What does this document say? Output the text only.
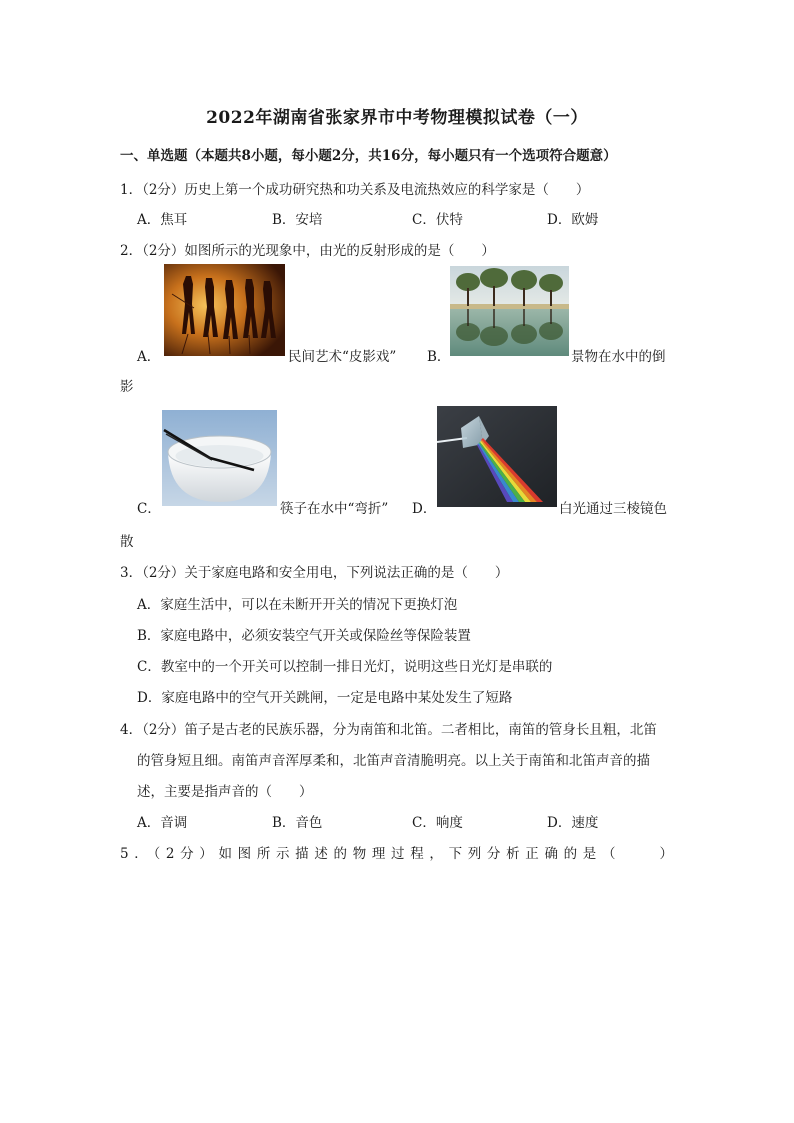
2022年湖南省张家界市中考物理模拟试卷（一）
一、单选题（本题共8小题，每小题2分，共16分，每小题只有一个选项符合题意）
1．（2分）历史上第一个成功研究热和功关系及电流热效应的科学家是（　　）
A．焦耳	B．安培	C．伏特	D．欧姆
2．（2分）如图所示的光现象中，由光的反射形成的是（　　）
A．	民间艺术“皮影戏” B．	景物在水中的倒
影
C．	筷子在水中“弯折” D．	白光通过三棱镜色
散
3．（2分）关于家庭电路和安全用电，下列说法正确的是（　　）
A．家庭生活中，可以在未断开开关的情况下更换灯泡
B．家庭电路中，必须安装空气开关或保险丝等保险装置
C．教室中的一个开关可以控制一排日光灯，说明这些日光灯是串联的
D．家庭电路中的空气开关跳闸，一定是电路中某处发生了短路
4．（2分）笛子是古老的民族乐器，分为南笛和北笛。二者相比，南笛的管身长且粗，北笛
的管身短且细。南笛声音浑厚柔和，北笛声音清脆明亮。以上关于南笛和北笛声音的描
述，主要是指声音的（　　）
A．音调	B．音色	C．响度	D．速度
5．（2分）如图所示描述的物理过程，下列分析正确的是（　　）
